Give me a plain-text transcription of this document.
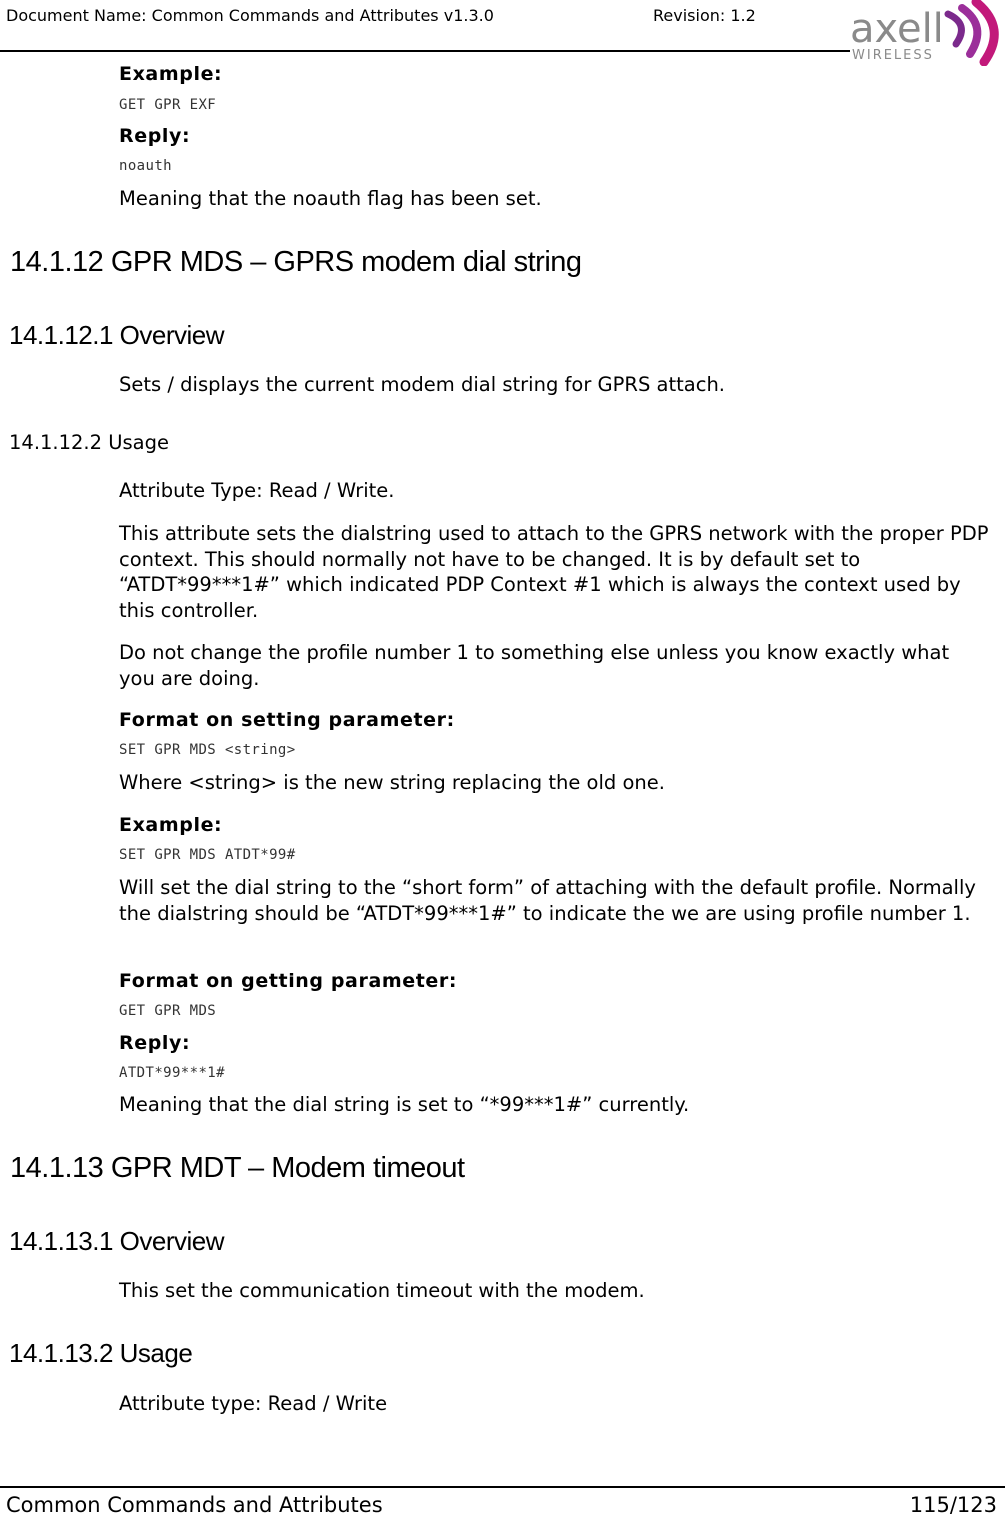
Document Name: Common Commands and Attributes v1.3.0	Revision: 1.2 axell
WIRELESS

Example:

GET GPR EXF

Reply:

noauth

Meaning that the noauth flag has been set.

14.1.12 GPR MDS – GPRS modem dial string
14.1.12.1 Overview

Sets / displays the current modem dial string for GPRS attach.

14.1.12.2 Usage

Attribute Type: Read / Write.

This attribute sets the dialstring used to attach to the GPRS network with the proper PDP context. This should normally not have to be changed. It is by default set to “ATDT*99***1#” which indicated PDP Context #1 which is always the context used by this controller.

Do not change the profile number 1 to something else unless you know exactly what you are doing.

Format on setting parameter:

SET GPR MDS <string>

Where <string> is the new string replacing the old one.

Example:

SET GPR MDS ATDT*99#

Will set the dial string to the “short form” of attaching with the default profile. Normally the dialstring should be “ATDT*99***1#” to indicate the we are using profile number 1.

Format on getting parameter:

GET GPR MDS

Reply:

ATDT*99***1#

Meaning that the dial string is set to “*99***1#” currently.

14.1.13 GPR MDT – Modem timeout
14.1.13.1 Overview

This set the communication timeout with the modem.

14.1.13.2 Usage

Attribute type: Read / Write

Common Commands and Attributes	115/123
